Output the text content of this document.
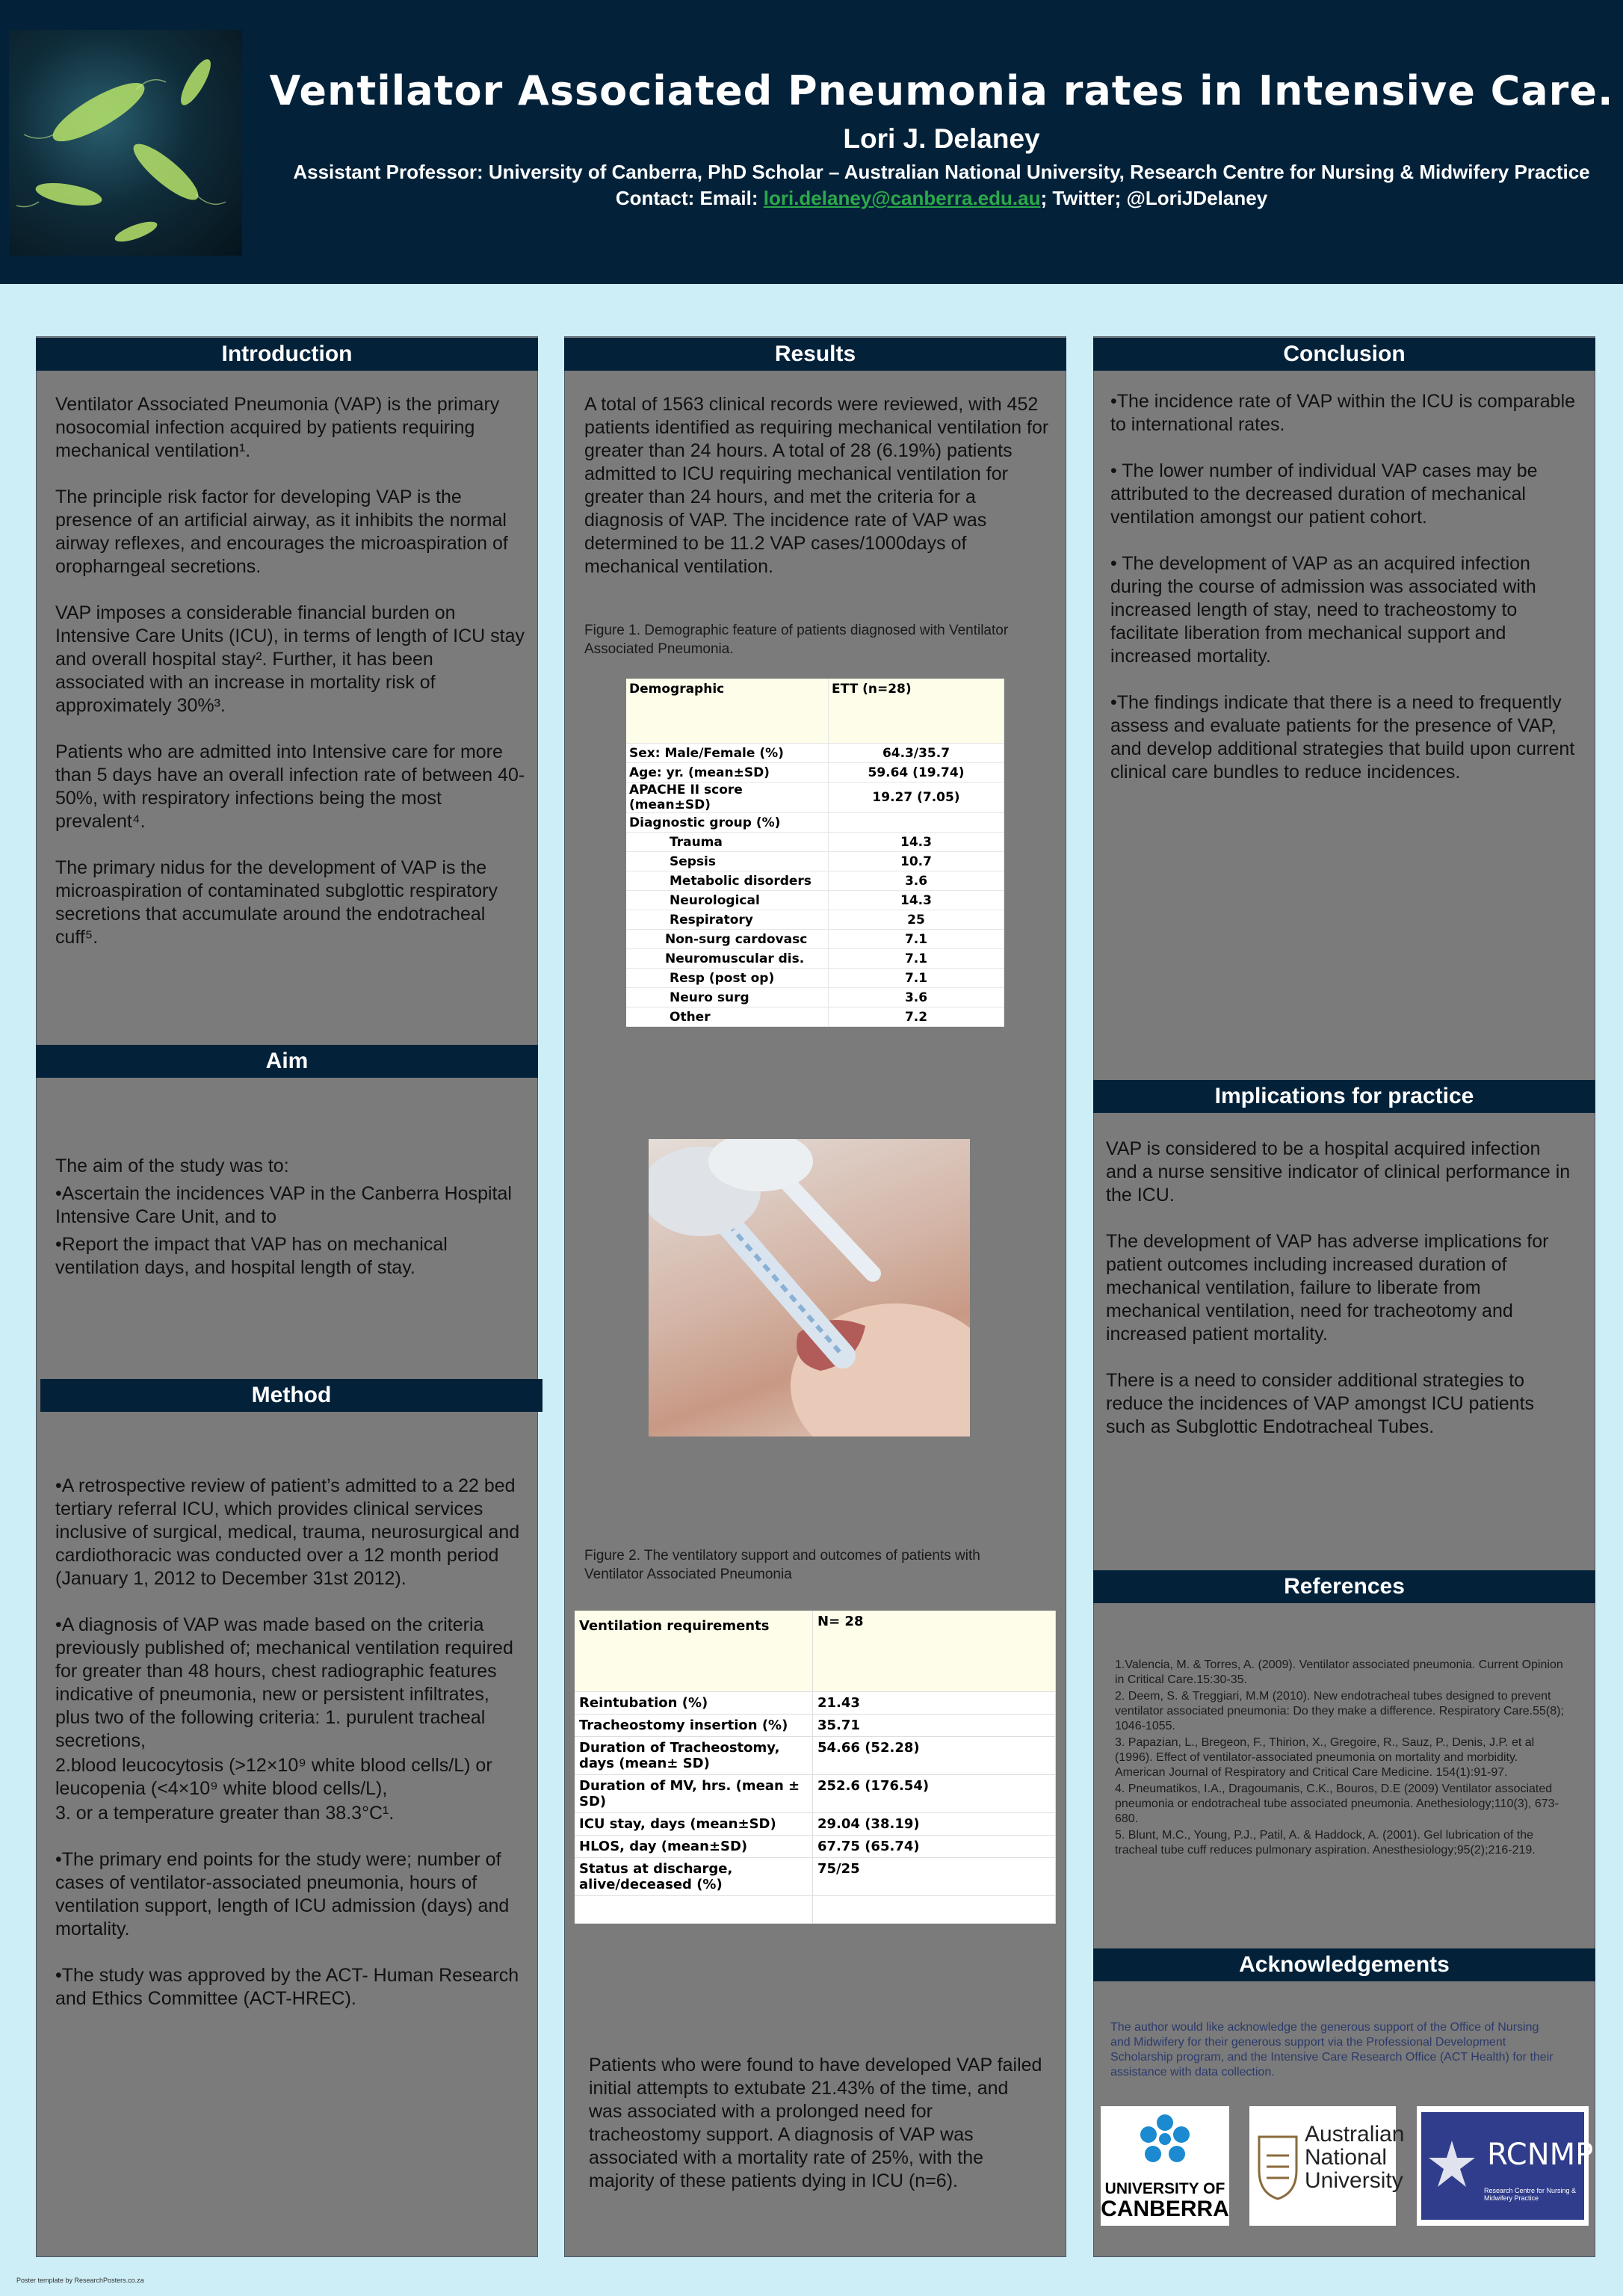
Ventilator Associated Pneumonia rates in Intensive Care.
Lori J. Delaney
Assistant Professor: University of Canberra, PhD Scholar – Australian National University, Research Centre for Nursing & Midwifery Practice
Contact: Email: lori.delaney@canberra.edu.au; Twitter; @LoriJDelaney
Introduction

Ventilator Associated Pneumonia (VAP) is the primary nosocomial infection acquired by patients requiring mechanical ventilation¹.

The principle risk factor for developing VAP is the presence of an artificial airway, as it inhibits the normal airway reflexes, and encourages the microaspiration of oropharngeal secretions.

VAP imposes a considerable financial burden on Intensive Care Units (ICU), in terms of length of ICU stay and overall hospital stay². Further, it has been associated with an increase in mortality risk of approximately 30%³.

Patients who are admitted into Intensive care for more than 5 days have an overall infection rate of between 40-50%, with respiratory infections being the most prevalent⁴.

The primary nidus for the development of VAP is the microaspiration of contaminated subglottic respiratory secretions that accumulate around the endotracheal cuff⁵.

Aim
The aim of the study was to:
•Ascertain the incidences VAP in the Canberra Hospital Intensive Care Unit, and to
•Report the impact that VAP has on mechanical ventilation days, and hospital length of stay.
Method

•A retrospective review of patient’s admitted to a 22 bed tertiary referral ICU, which provides clinical services inclusive of surgical, medical, trauma, neurosurgical and cardiothoracic was conducted over a 12 month period (January 1, 2012 to December 31st 2012).

•A diagnosis of VAP was made based on the criteria previously published of; mechanical ventilation required for greater than 48 hours, chest radiographic features indicative of pneumonia, new or persistent infiltrates, plus two of the following criteria: 1. purulent tracheal secretions,
2.blood leucocytosis (>12×10⁹ white blood cells/L) or leucopenia (<4×10⁹ white blood cells/L),

3. or a temperature greater than 38.3°C¹.

•The primary end points for the study were; number of cases of ventilator-associated pneumonia, hours of ventilation support, length of ICU admission (days) and mortality.

•The study was approved by the ACT- Human Research and Ethics Committee (ACT-HREC).

Results
A total of 1563 clinical records were reviewed, with 452 patients identified as requiring mechanical ventilation for greater than 24 hours. A total of 28 (6.19%) patients admitted to ICU requiring mechanical ventilation for greater than 24 hours, and met the criteria for a diagnosis of VAP. The incidence rate of VAP was determined to be 11.2 VAP cases/1000days of mechanical ventilation.
Figure 1. Demographic feature of patients diagnosed with Ventilator Associated Pneumonia.
Demographic	ETT (n=28)
Sex: Male/Female (%)	64.3/35.7
Age: yr. (mean±SD)	59.64 (19.74)
APACHE II score (mean±SD)	19.27 (7.05)
Diagnostic group (%)	
Trauma	14.3
Sepsis	10.7
Metabolic disorders	3.6
Neurological	14.3
Respiratory	25
Non-surg cardovasc	7.1
Neuromuscular dis.	7.1
Resp (post op)	7.1
Neuro surg	3.6
Other	7.2
Figure 2. The ventilatory support and outcomes of patients with Ventilator Associated Pneumonia
Ventilation requirements	N= 28
Reintubation (%)	21.43
Tracheostomy insertion (%)	35.71
Duration of Tracheostomy, days (mean± SD)	54.66 (52.28)
Duration of MV, hrs. (mean ± SD)	252.6 (176.54)
ICU stay, days (mean±SD)	29.04 (38.19)
HLOS, day (mean±SD)	67.75 (65.74)
Status at discharge, alive/deceased (%)	75/25

Patients who were found to have developed VAP failed initial attempts to extubate 21.43% of the time, and was associated with a prolonged need for tracheostomy support. A diagnosis of VAP was associated with a mortality rate of 25%, with the majority of these patients dying in ICU (n=6).
Conclusion

•The incidence rate of VAP within the ICU is comparable to international rates.

• The lower number of individual VAP cases may be attributed to the decreased duration of mechanical ventilation amongst our patient cohort.

• The development of VAP as an acquired infection during the course of admission was associated with increased length of stay, need to tracheostomy to facilitate liberation from mechanical support and increased mortality.

•The findings indicate that there is a need to frequently assess and evaluate patients for the presence of VAP, and develop additional strategies that build upon current clinical care bundles to reduce incidences.

Implications for practice

VAP is considered to be a hospital acquired infection and a nurse sensitive indicator of clinical performance in the ICU.

The development of VAP has adverse implications for patient outcomes including increased duration of mechanical ventilation, failure to liberate from mechanical ventilation, need for tracheotomy and increased patient mortality.

There is a need to consider additional strategies to reduce the incidences of VAP amongst ICU patients such as Subglottic Endotracheal Tubes.

References
1.Valencia, M. & Torres, A. (2009). Ventilator associated pneumonia. Current Opinion in Critical Care.15:30-35.
2. Deem, S. & Treggiari, M.M (2010). New endotracheal tubes designed to prevent ventilator associated pneumonia: Do they make a difference. Respiratory Care.55(8); 1046-1055.
3. Papazian, L., Bregeon, F., Thirion, X., Gregoire, R., Sauz, P., Denis, J.P. et al (1996). Effect of ventilator-associated pneumonia on mortality and morbidity. American Journal of Respiratory and Critical Care Medicine. 154(1):91-97.
4. Pneumatikos, I.A., Dragoumanis, C.K., Bouros, D.E (2009) Ventilator associated pneumonia or endotracheal tube associated pneumonia. Anethesiology;110(3), 673-680.
5. Blunt, M.C., Young, P.J., Patil, A. & Haddock, A. (2001). Gel lubrication of the tracheal tube cuff reduces pulmonary aspiration. Anesthesiology;95(2);216-219.
Acknowledgements
The author would like acknowledge the generous support of the Office of Nursing and Midwifery for their generous support via the Professional Development Scholarship program, and the Intensive Care Research Office (ACT Health) for their assistance with data collection.
UNIVERSITY OF
CANBERRA
Australian
National
University
RCNMP
Research Centre for Nursing & Midwifery Practice
Poster template by ResearchPosters.co.za
